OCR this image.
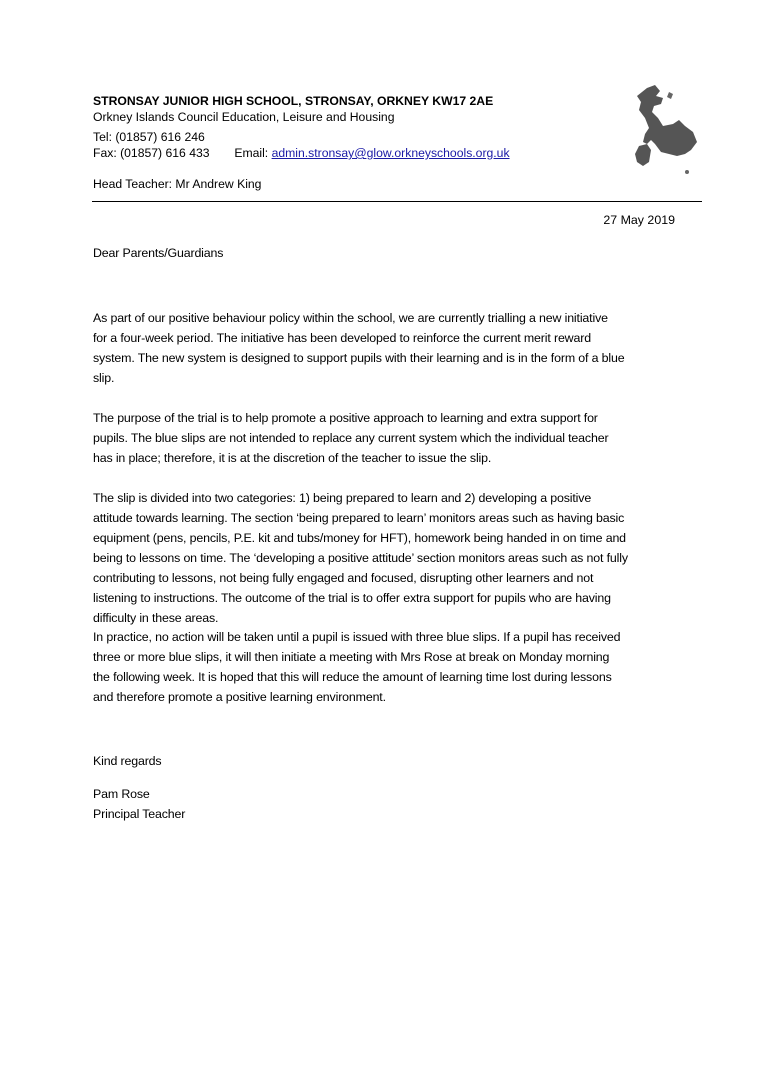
STRONSAY JUNIOR HIGH SCHOOL, STRONSAY, ORKNEY KW17 2AE
Orkney Islands Council Education, Leisure and Housing
Tel: (01857) 616 246
Fax: (01857) 616 433 Email: admin.stronsay@glow.orkneyschools.org.uk
Head Teacher: Mr Andrew King
27 May 2019
Dear Parents/Guardians
As part of our positive behaviour policy within the school, we are currently trialling a new initiative
for a four-week period. The initiative has been developed to reinforce the current merit reward
system. The new system is designed to support pupils with their learning and is in the form of a blue
slip.
The purpose of the trial is to help promote a positive approach to learning and extra support for
pupils. The blue slips are not intended to replace any current system which the individual teacher
has in place; therefore, it is at the discretion of the teacher to issue the slip.
The slip is divided into two categories: 1) being prepared to learn and 2) developing a positive
attitude towards learning. The section ‘being prepared to learn’ monitors areas such as having basic
equipment (pens, pencils, P.E. kit and tubs/money for HFT), homework being handed in on time and
being to lessons on time. The ‘developing a positive attitude’ section monitors areas such as not fully
contributing to lessons, not being fully engaged and focused, disrupting other learners and not
listening to instructions. The outcome of the trial is to offer extra support for pupils who are having
difficulty in these areas.
In practice, no action will be taken until a pupil is issued with three blue slips. If a pupil has received
three or more blue slips, it will then initiate a meeting with Mrs Rose at break on Monday morning
the following week. It is hoped that this will reduce the amount of learning time lost during lessons
and therefore promote a positive learning environment.
Kind regards
Pam Rose
Principal Teacher
